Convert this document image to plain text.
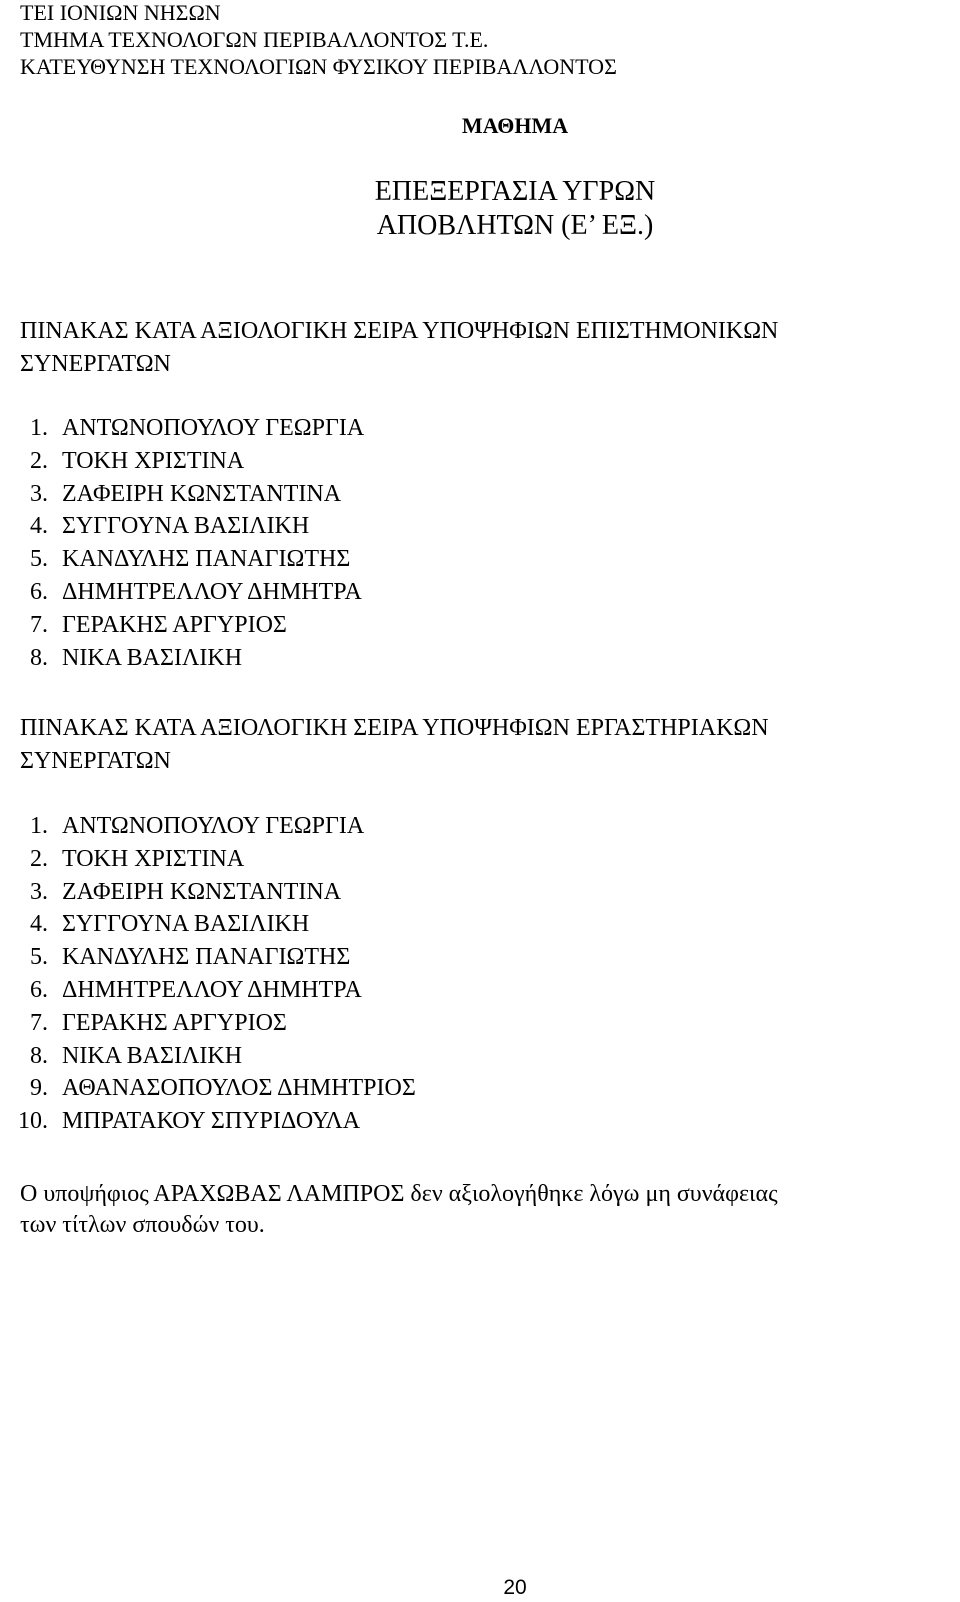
ΤΕΙ ΙΟΝΙΩΝ ΝΗΣΩΝ
ΤΜΗΜΑ ΤΕΧΝΟΛΟΓΩΝ ΠΕΡΙΒΑΛΛΟΝΤΟΣ Τ.Ε.
ΚΑΤΕΥΘΥΝΣΗ ΤΕΧΝΟΛΟΓΙΩΝ ΦΥΣΙΚΟΥ ΠΕΡΙΒΑΛΛΟΝΤΟΣ
ΜΑΘΗΜΑ
ΕΠΕΞΕΡΓΑΣΙΑ ΥΓΡΩΝ
ΑΠΟΒΛΗΤΩΝ (Ε’ ΕΞ.)
ΠΙΝΑΚΑΣ ΚΑΤΑ ΑΞΙΟΛΟΓΙΚΗ ΣΕΙΡΑ ΥΠΟΨΗΦΙΩΝ ΕΠΙΣΤΗΜΟΝΙΚΩΝ
ΣΥΝΕΡΓΑΤΩΝ
1. ΑΝΤΩΝΟΠΟΥΛΟΥ ΓΕΩΡΓΙΑ
2. ΤΟΚΗ ΧΡΙΣΤΙΝΑ
3. ΖΑΦΕΙΡΗ ΚΩΝΣΤΑΝΤΙΝΑ
4. ΣΥΓΓΟΥΝΑ ΒΑΣΙΛΙΚΗ
5. ΚΑΝΔΥΛΗΣ ΠΑΝΑΓΙΩΤΗΣ
6. ΔΗΜΗΤΡΕΛΛΟΥ ΔΗΜΗΤΡΑ
7. ΓΕΡΑΚΗΣ ΑΡΓΥΡΙΟΣ
8. ΝΙΚΑ ΒΑΣΙΛΙΚΗ
ΠΙΝΑΚΑΣ ΚΑΤΑ ΑΞΙΟΛΟΓΙΚΗ ΣΕΙΡΑ ΥΠΟΨΗΦΙΩΝ ΕΡΓΑΣΤΗΡΙΑΚΩΝ
ΣΥΝΕΡΓΑΤΩΝ
1. ΑΝΤΩΝΟΠΟΥΛΟΥ ΓΕΩΡΓΙΑ
2. ΤΟΚΗ ΧΡΙΣΤΙΝΑ
3. ΖΑΦΕΙΡΗ ΚΩΝΣΤΑΝΤΙΝΑ
4. ΣΥΓΓΟΥΝΑ ΒΑΣΙΛΙΚΗ
5. ΚΑΝΔΥΛΗΣ ΠΑΝΑΓΙΩΤΗΣ
6. ΔΗΜΗΤΡΕΛΛΟΥ ΔΗΜΗΤΡΑ
7. ΓΕΡΑΚΗΣ ΑΡΓΥΡΙΟΣ
8. ΝΙΚΑ ΒΑΣΙΛΙΚΗ
9. ΑΘΑΝΑΣΟΠΟΥΛΟΣ ΔΗΜΗΤΡΙΟΣ
10. ΜΠΡΑΤΑΚΟΥ ΣΠΥΡΙΔΟΥΛΑ
Ο υποψήφιος ΑΡΑΧΩΒΑΣ ΛΑΜΠΡΟΣ δεν αξιολογήθηκε λόγω μη συνάφειας
των τίτλων σπουδών του.
20
